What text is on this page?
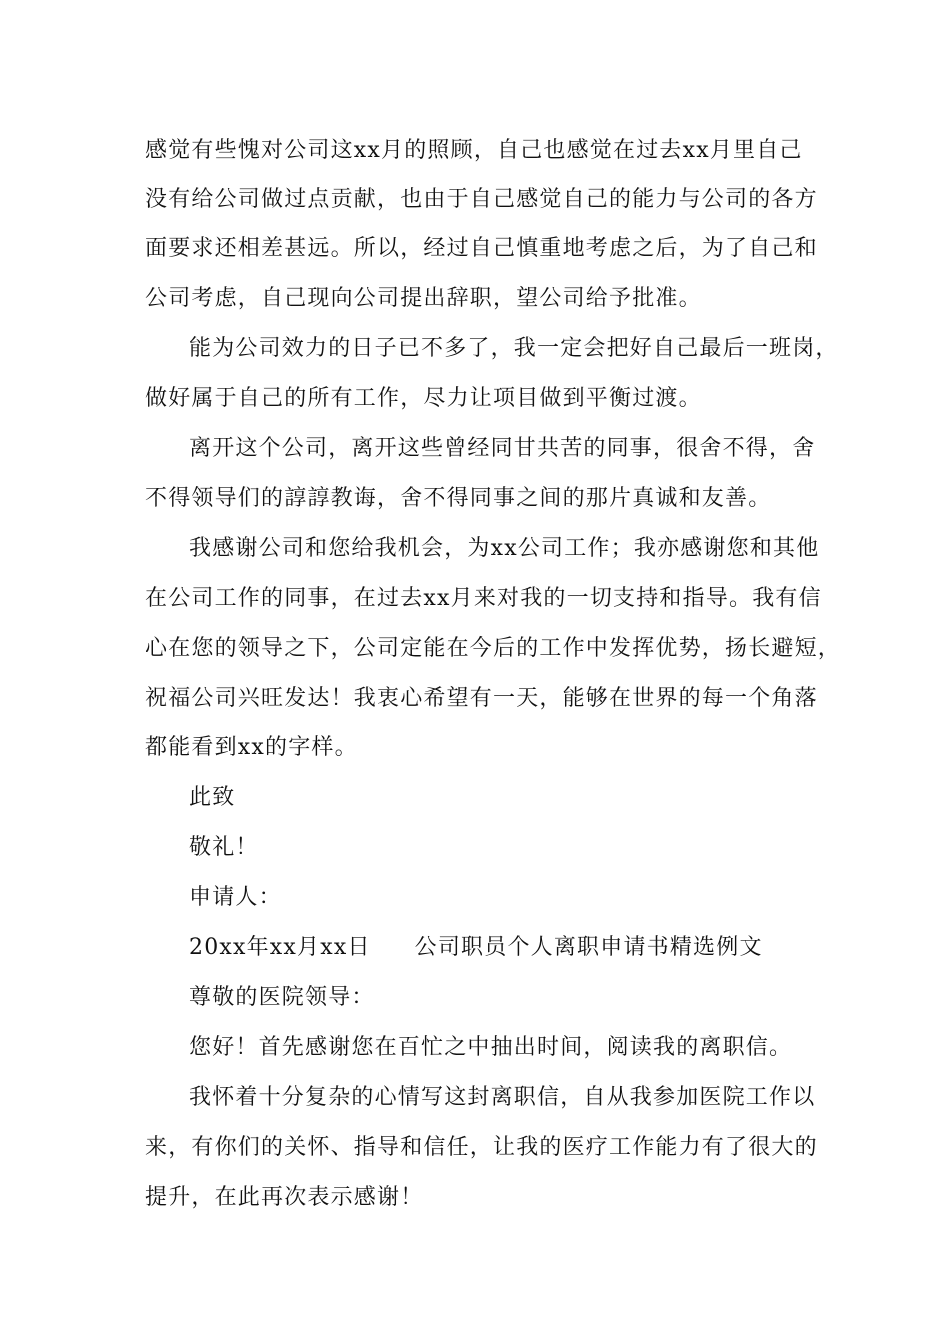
感觉有些愧对公司这xx月的照顾，自己也感觉在过去xx月里自己
没有给公司做过点贡献，也由于自己感觉自己的能力与公司的各方
面要求还相差甚远。所以，经过自己慎重地考虑之后，为了自己和
公司考虑，自己现向公司提出辞职，望公司给予批准。
能为公司效力的日子已不多了，我一定会把好自己最后一班岗，
做好属于自己的所有工作，尽力让项目做到平衡过渡。
离开这个公司，离开这些曾经同甘共苦的同事，很舍不得，舍
不得领导们的諄諄教诲，舍不得同事之间的那片真诚和友善。
我感谢公司和您给我机会，为xx公司工作；我亦感谢您和其他
在公司工作的同事，在过去xx月来对我的一切支持和指导。我有信
心在您的领导之下，公司定能在今后的工作中发挥优势，扬长避短，
祝福公司兴旺发达！我衷心希望有一天，能够在世界的每一个角落
都能看到xx的字样。
此致
敬礼！
申请人：
20xx年xx月xx日 公司职员个人离职申请书精选例文
尊敬的医院领导：
您好！首先感谢您在百忙之中抽出时间，阅读我的离职信。
我怀着十分复杂的心情写这封离职信，自从我参加医院工作以
来，有你们的关怀、指导和信任，让我的医疗工作能力有了很大的
提升，在此再次表示感谢！
